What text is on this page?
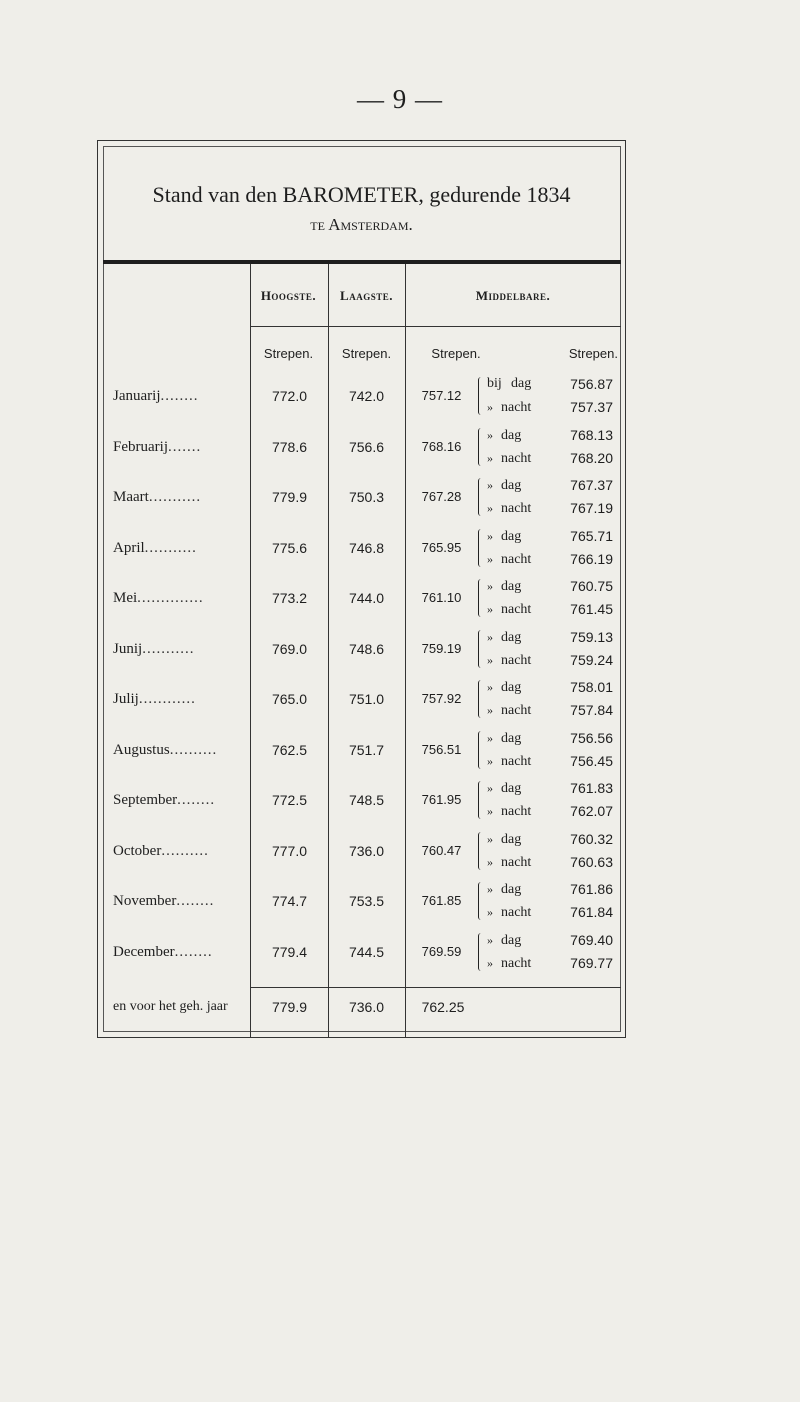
— 9 —
Stand van den BAROMETER, gedurende 1834
te Amsterdam.
Hoogste.	Laagste.	Middelbare.
Strepen.	Strepen.	Strepen.	Strepen.
Januarij........	772.0	742.0	757.12
bij dag	756.87
» nacht	757.37
Februarij.......	778.6	756.6	768.16
» dag	768.13
» nacht	768.20
Maart...........	779.9	750.3	767.28
» dag	767.37
» nacht	767.19
April...........	775.6	746.8	765.95
» dag	765.71
» nacht	766.19
Mei..............	773.2	744.0	761.10
» dag	760.75
» nacht	761.45
Junij...........	769.0	748.6	759.19
» dag	759.13
» nacht	759.24
Julij............	765.0	751.0	757.92
» dag	758.01
» nacht	757.84
Augustus..........	762.5	751.7	756.51
» dag	756.56
» nacht	756.45
September........	772.5	748.5	761.95
» dag	761.83
» nacht	762.07
October..........	777.0	736.0	760.47
» dag	760.32
» nacht	760.63
November........	774.7	753.5	761.85
» dag	761.86
» nacht	761.84
December........	779.4	744.5	769.59
» dag	769.40
» nacht	769.77
en voor het geh. jaar	779.9	736.0	762.25
